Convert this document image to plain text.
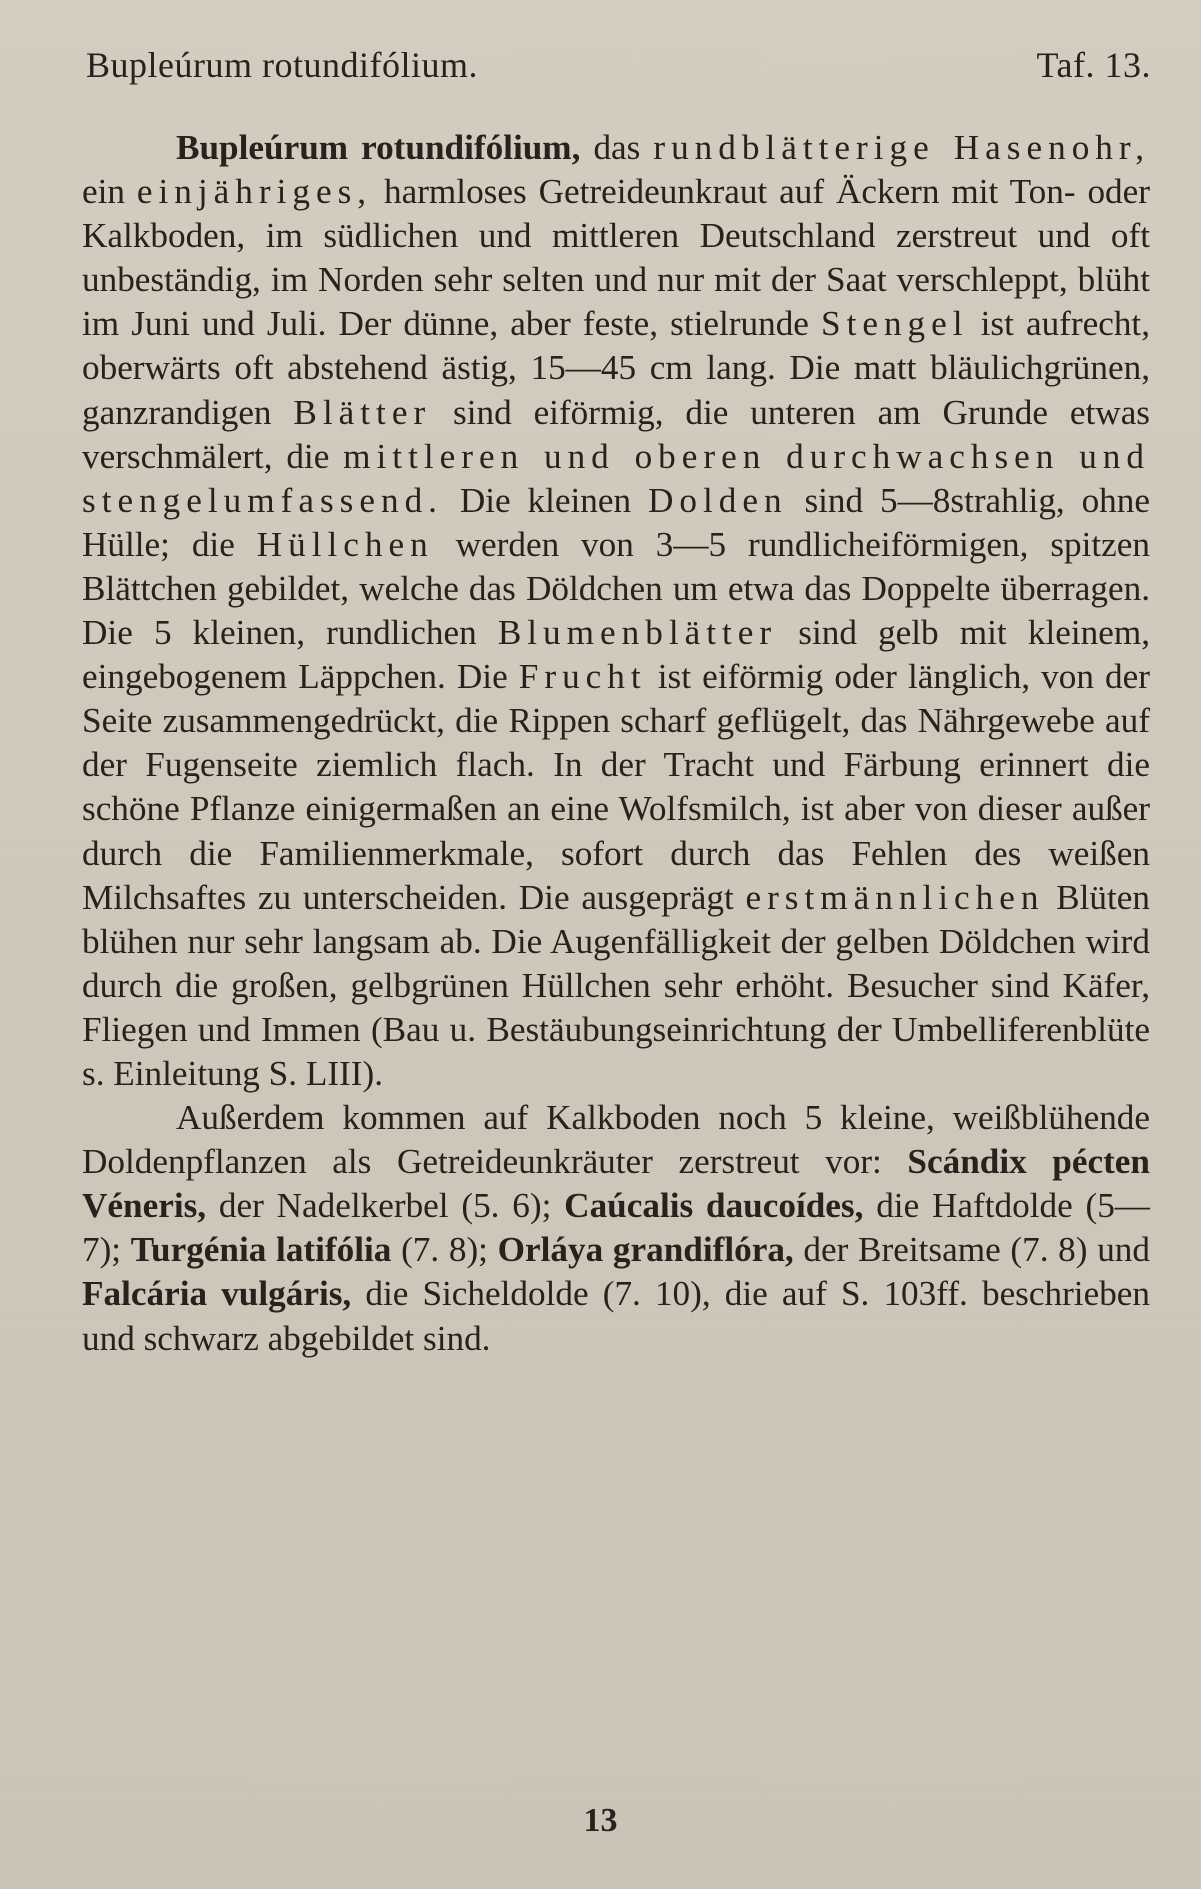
Bupleúrum rotundifólium.	Taf. 13.

Bupleúrum rotundifólium, das rundblätterige Hasenohr, ein einjähriges, harmloses Getreideunkraut auf Äckern mit Ton- oder Kalkboden, im südlichen und mittleren Deutschland zerstreut und oft unbeständig, im Norden sehr selten und nur mit der Saat verschleppt, blüht im Juni und Juli. Der dünne, aber feste, stielrunde Stengel ist aufrecht, oberwärts oft abstehend ästig, 15—45 cm lang. Die matt bläulichgrünen, ganzrandigen Blätter sind eiförmig, die unteren am Grunde etwas verschmälert, die mittleren und oberen durchwachsen und stengelumfassend. Die kleinen Dolden sind 5—8strahlig, ohne Hülle; die Hüllchen werden von 3—5 rundlicheiförmigen, spitzen Blättchen gebildet, welche das Döldchen um etwa das Doppelte überragen. Die 5 kleinen, rundlichen Blumenblätter sind gelb mit kleinem, eingebogenem Läppchen. Die Frucht ist eiförmig oder länglich, von der Seite zusammengedrückt, die Rippen scharf geflügelt, das Nährgewebe auf der Fugenseite ziemlich flach. In der Tracht und Färbung erinnert die schöne Pflanze einigermaßen an eine Wolfsmilch, ist aber von dieser außer durch die Familienmerkmale, sofort durch das Fehlen des weißen Milchsaftes zu unterscheiden. Die ausgeprägt erstmännlichen Blüten blühen nur sehr langsam ab. Die Augenfälligkeit der gelben Döldchen wird durch die großen, gelbgrünen Hüllchen sehr erhöht. Besucher sind Käfer, Fliegen und Immen (Bau u. Bestäubungseinrichtung der Umbelliferenblüte s. Einleitung S. LIII).

Außerdem kommen auf Kalkboden noch 5 kleine, weißblühende Doldenpflanzen als Getreideunkräuter zerstreut vor: Scándix pécten Véneris, der Nadelkerbel (5. 6); Caúcalis daucoídes, die Haftdolde (5—7); Turgénia latifólia (7. 8); Orláya grandiflóra, der Breitsame (7. 8) und Falcária vulgáris, die Sicheldolde (7. 10), die auf S. 103ff. beschrieben und schwarz abgebildet sind.

13
